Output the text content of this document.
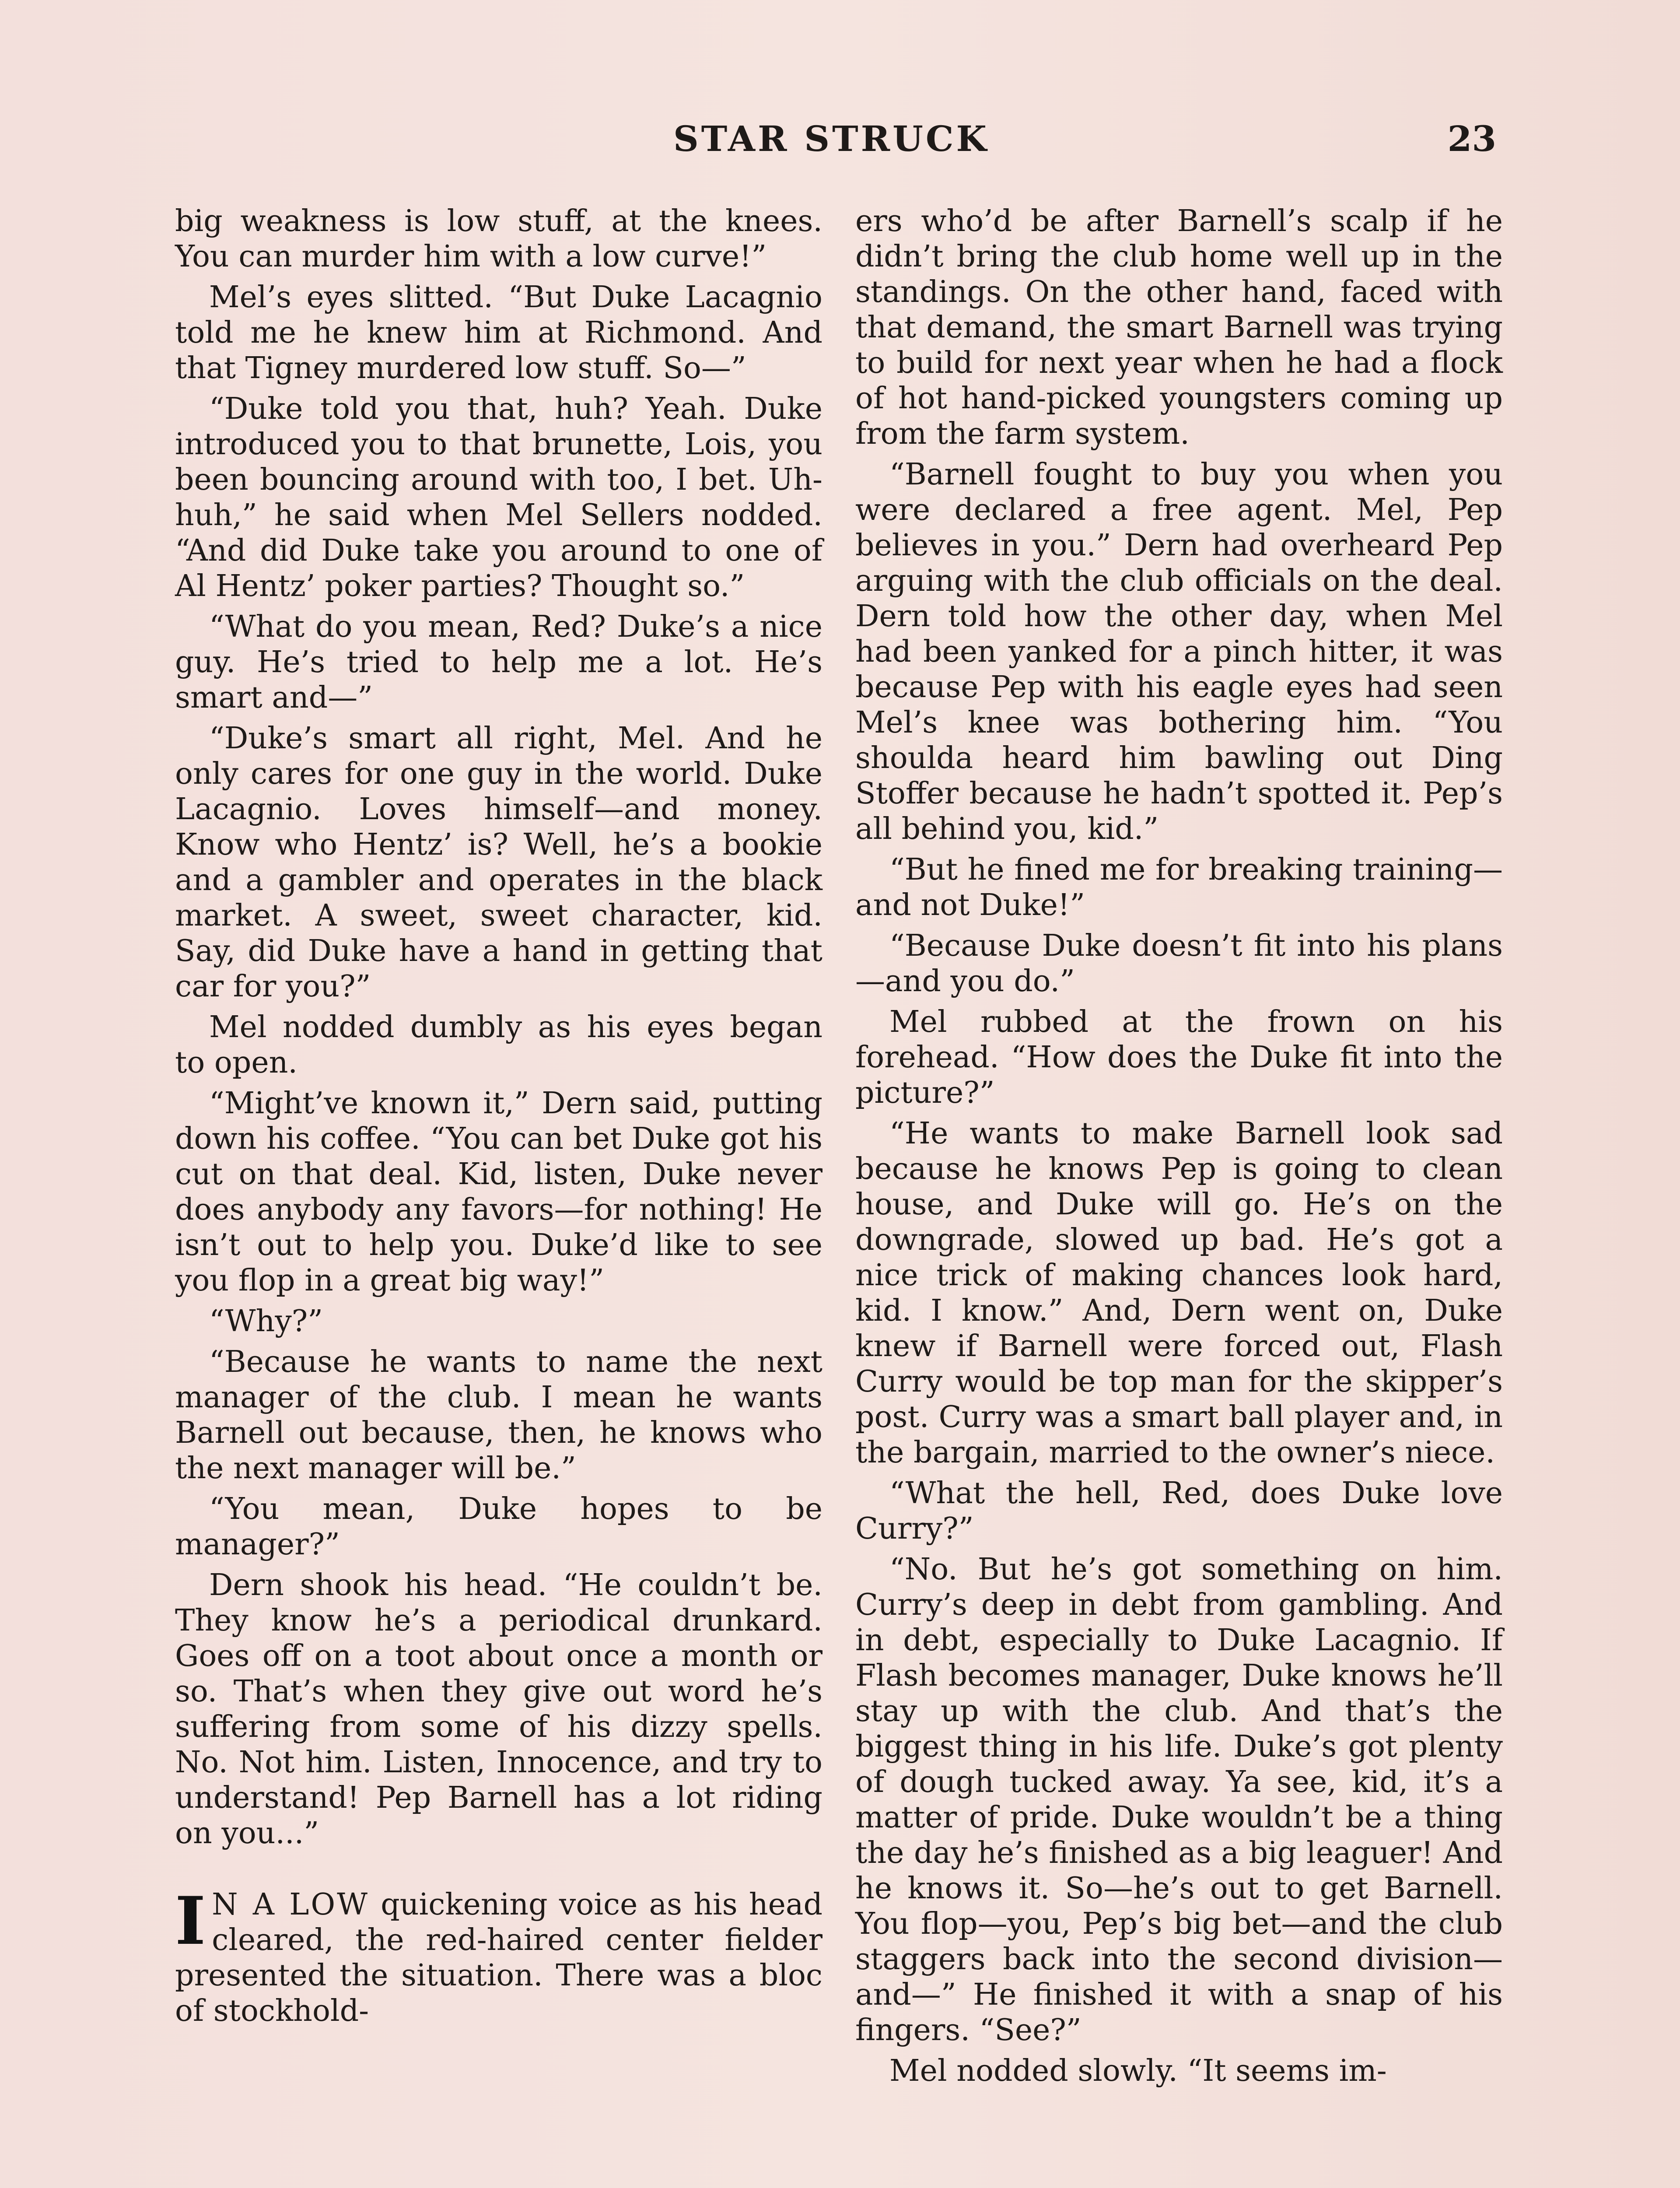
STAR STRUCK	23

big weakness is low stuff, at the knees. You can murder him with a low curve!”

Mel’s eyes slitted. “But Duke Lacagnio told me he knew him at Richmond. And that Tigney murdered low stuff. So—”

“Duke told you that, huh? Yeah. Duke introduced you to that brunette, Lois, you been bouncing around with too, I bet. Uh-huh,” he said when Mel Sellers nodded. “And did Duke take you around to one of Al Hentz’ poker parties? Thought so.”

“What do you mean, Red? Duke’s a nice guy. He’s tried to help me a lot. He’s smart and—”

“Duke’s smart all right, Mel. And he only cares for one guy in the world. Duke Lacagnio. Loves himself—and money. Know who Hentz’ is? Well, he’s a bookie and a gambler and operates in the black market. A sweet, sweet character, kid. Say, did Duke have a hand in getting that car for you?”

Mel nodded dumbly as his eyes began to open.

“Might’ve known it,” Dern said, putting down his coffee. “You can bet Duke got his cut on that deal. Kid, listen, Duke never does anybody any favors—for nothing! He isn’t out to help you. Duke’d like to see you flop in a great big way!”

“Why?”

“Because he wants to name the next manager of the club. I mean he wants Barnell out because, then, he knows who the next manager will be.”

“You mean, Duke hopes to be manager?”

Dern shook his head. “He couldn’t be. They know he’s a periodical drunkard. Goes off on a toot about once a month or so. That’s when they give out word he’s suffering from some of his dizzy spells. No. Not him. Listen, Innocence, and try to understand! Pep Barnell has a lot riding on you...”

I N A LOW quickening voice as his head cleared, the red-haired center fielder presented the situation. There was a bloc of stockhold-

ers who’d be after Barnell’s scalp if he didn’t bring the club home well up in the standings. On the other hand, faced with that demand, the smart Barnell was trying to build for next year when he had a flock of hot hand-picked youngsters coming up from the farm system.

“Barnell fought to buy you when you were declared a free agent. Mel, Pep believes in you.” Dern had overheard Pep arguing with the club officials on the deal. Dern told how the other day, when Mel had been yanked for a pinch hitter, it was because Pep with his eagle eyes had seen Mel’s knee was bothering him. “You shoulda heard him bawling out Ding Stoffer because he hadn’t spotted it. Pep’s all behind you, kid.”

“But he fined me for breaking training— and not Duke!”

“Because Duke doesn’t fit into his plans—and you do.”

Mel rubbed at the frown on his forehead. “How does the Duke fit into the picture?”

“He wants to make Barnell look sad because he knows Pep is going to clean house, and Duke will go. He’s on the downgrade, slowed up bad. He’s got a nice trick of making chances look hard, kid. I know.” And, Dern went on, Duke knew if Barnell were forced out, Flash Curry would be top man for the skipper’s post. Curry was a smart ball player and, in the bargain, married to the owner’s niece.

“What the hell, Red, does Duke love Curry?”

“No. But he’s got something on him. Curry’s deep in debt from gambling. And in debt, especially to Duke Lacagnio. If Flash becomes manager, Duke knows he’ll stay up with the club. And that’s the biggest thing in his life. Duke’s got plenty of dough tucked away. Ya see, kid, it’s a matter of pride. Duke wouldn’t be a thing the day he’s finished as a big leaguer! And he knows it. So—he’s out to get Barnell. You flop—you, Pep’s big bet—and the club staggers back into the second division—and—” He finished it with a snap of his fingers. “See?”

Mel nodded slowly. “It seems im-
